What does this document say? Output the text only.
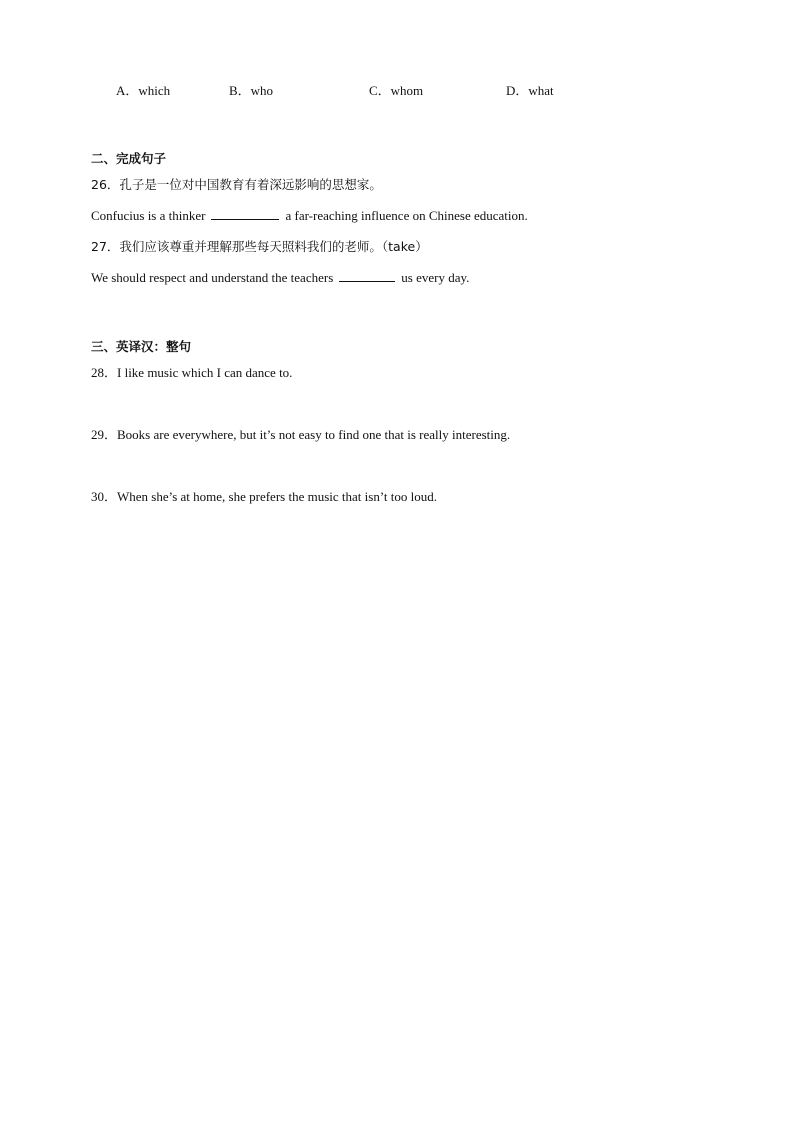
A．which	B．who	C．whom	D．what
二、完成句子
26．孔子是一位对中国教育有着深远影响的思想家。
Confucius is a thinker	a far-reaching influence on Chinese education.
27．我们应该尊重并理解那些每天照料我们的老师。（take）
We should respect and understand the teachers	us every day.
三、英译汉：整句
28．I like music which I can dance to.
29．Books are everywhere, but it’s not easy to find one that is really interesting.
30．When she’s at home, she prefers the music that isn’t too loud.
